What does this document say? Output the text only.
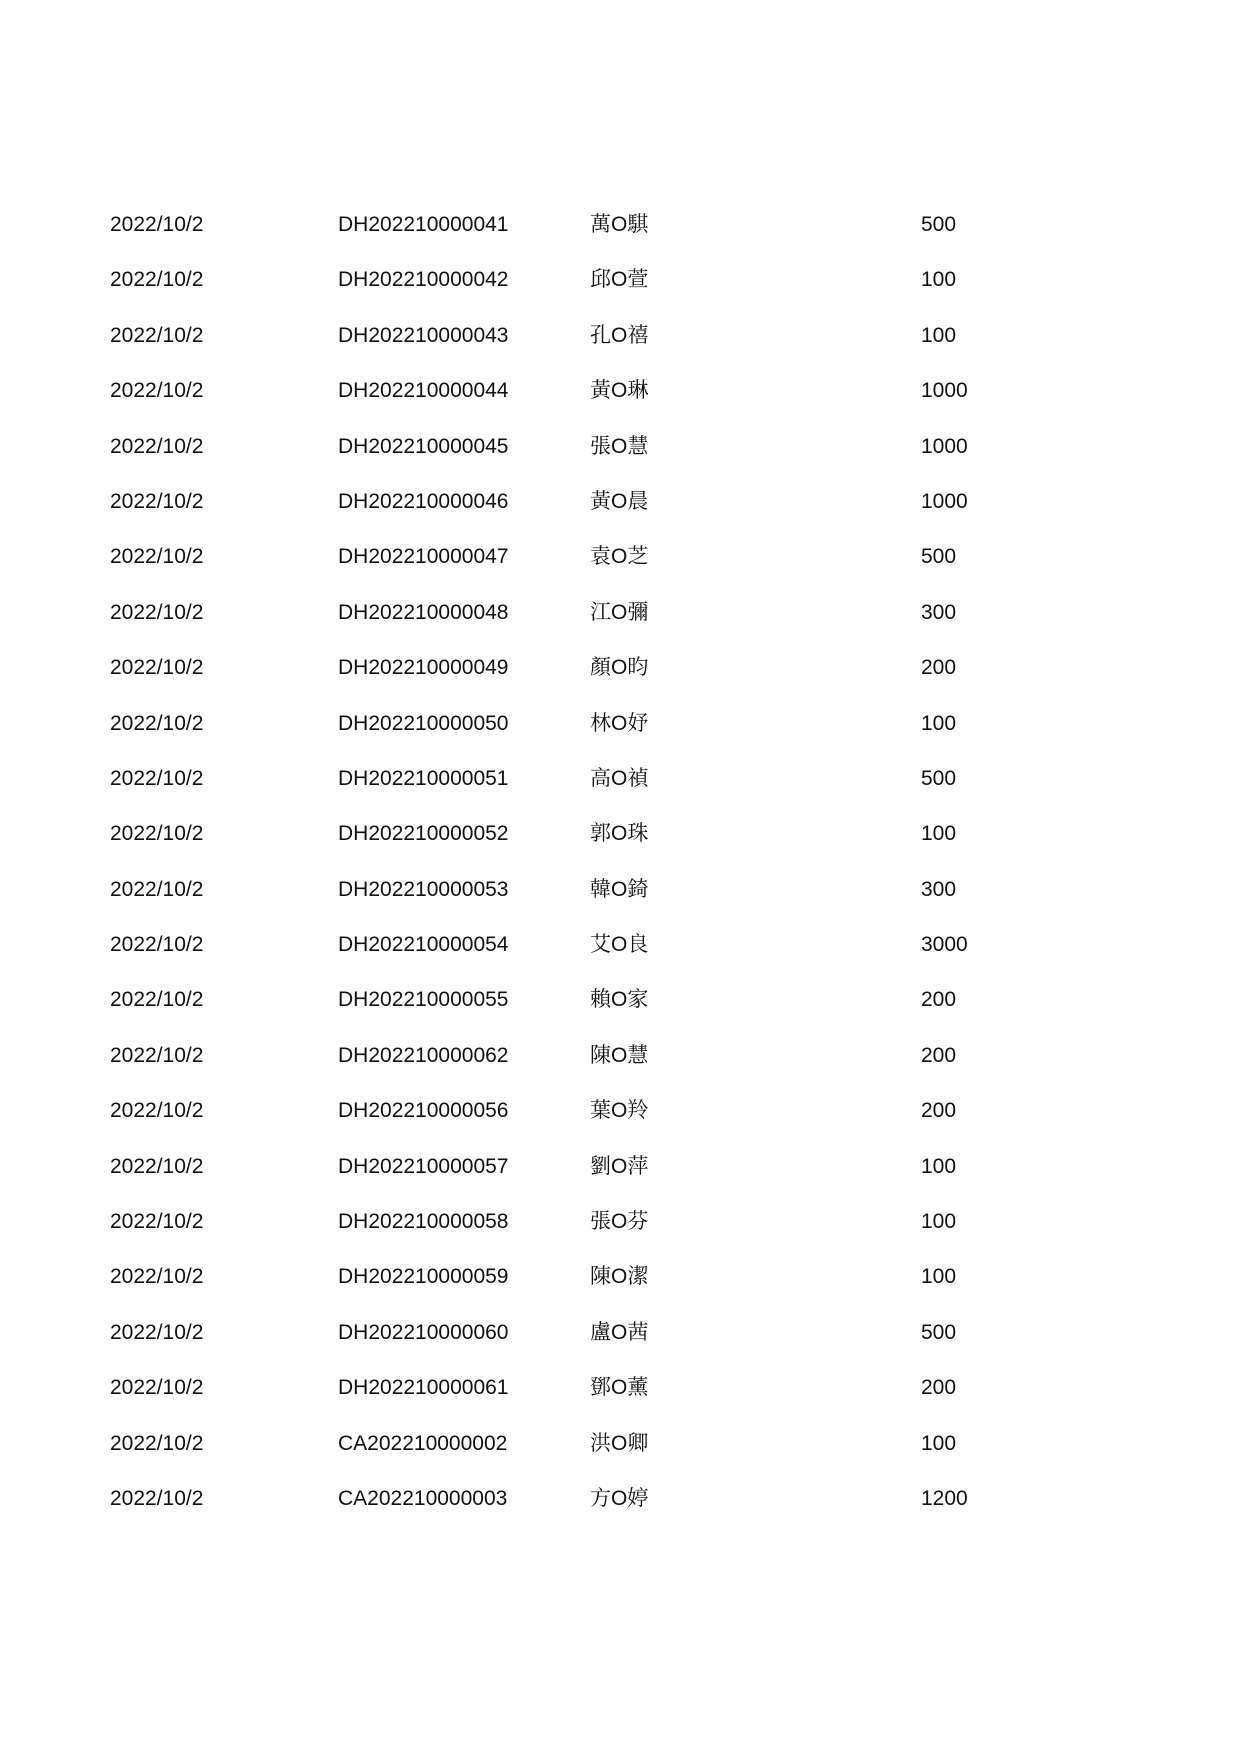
2022/10/2	DH202210000041	萬O騏	500
2022/10/2	DH202210000042	邱O萱	100
2022/10/2	DH202210000043	孔O禧	100
2022/10/2	DH202210000044	黃O琳	1000
2022/10/2	DH202210000045	張O慧	1000
2022/10/2	DH202210000046	黃O晨	1000
2022/10/2	DH202210000047	袁O芝	500
2022/10/2	DH202210000048	江O彌	300
2022/10/2	DH202210000049	顏O昀	200
2022/10/2	DH202210000050	林O妤	100
2022/10/2	DH202210000051	高O禎	500
2022/10/2	DH202210000052	郭O珠	100
2022/10/2	DH202210000053	韓O錡	300
2022/10/2	DH202210000054	艾O良	3000
2022/10/2	DH202210000055	賴O家	200
2022/10/2	DH202210000062	陳O慧	200
2022/10/2	DH202210000056	葉O羚	200
2022/10/2	DH202210000057	劉O萍	100
2022/10/2	DH202210000058	張O芬	100
2022/10/2	DH202210000059	陳O潔	100
2022/10/2	DH202210000060	盧O茜	500
2022/10/2	DH202210000061	鄧O薰	200
2022/10/2	CA202210000002	洪O卿	100
2022/10/2	CA202210000003	方O婷	1200
